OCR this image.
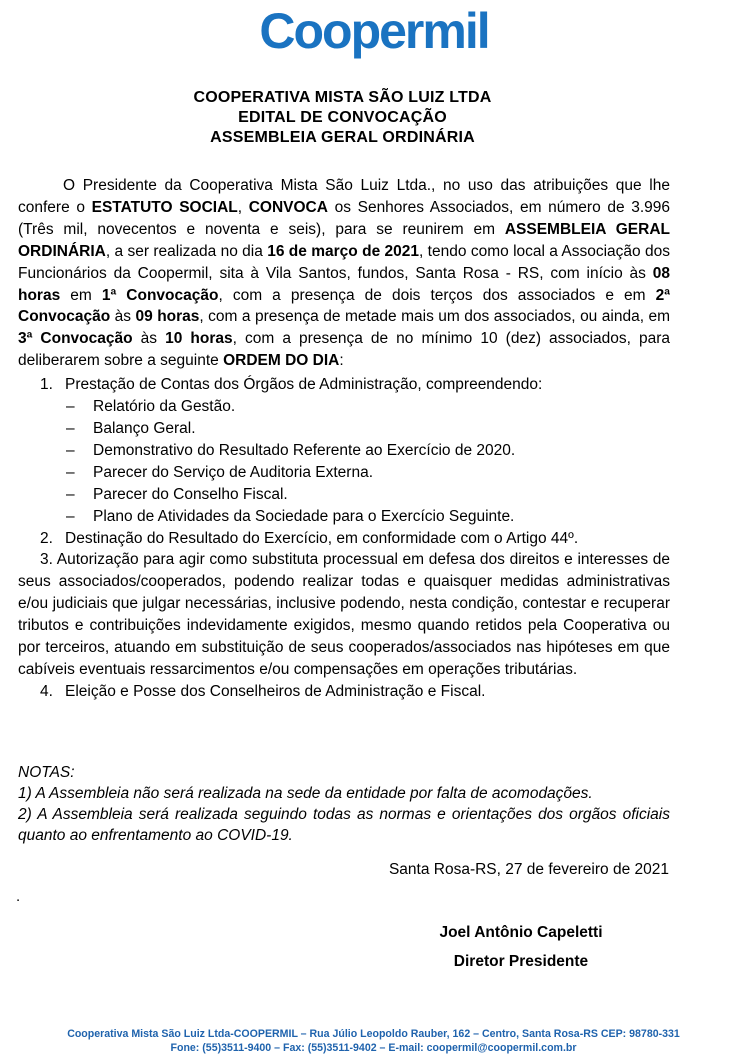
Coopermil
COOPERATIVA MISTA SÃO LUIZ LTDA
EDITAL DE CONVOCAÇÃO
ASSEMBLEIA GERAL ORDINÁRIA

O Presidente da Cooperativa Mista São Luiz Ltda., no uso das atribuições que lhe confere o ESTATUTO SOCIAL, CONVOCA os Senhores Associados, em número de 3.996 (Três mil, novecentos e noventa e seis), para se reunirem em ASSEMBLEIA GERAL ORDINÁRIA, a ser realizada no dia 16 de março de 2021, tendo como local a Associação dos Funcionários da Coopermil, sita à Vila Santos, fundos, Santa Rosa - RS, com início às 08 horas em 1ª Convocação, com a presença de dois terços dos associados e em 2ª Convocação às 09 horas, com a presença de metade mais um dos associados, ou ainda, em 3ª Convocação às 10 horas, com a presença de no mínimo 10 (dez) associados, para deliberarem sobre a seguinte ORDEM DO DIA:

1. Prestação de Contas dos Órgãos de Administração, compreendendo:
– Relatório da Gestão.
– Balanço Geral.
– Demonstrativo do Resultado Referente ao Exercício de 2020.
– Parecer do Serviço de Auditoria Externa.
– Parecer do Conselho Fiscal.
– Plano de Atividades da Sociedade para o Exercício Seguinte.
2. Destinação do Resultado do Exercício, em conformidade com o Artigo 44º.
3. Autorização para agir como substituta processual em defesa dos direitos e interesses de seus associados/cooperados, podendo realizar todas e quaisquer medidas administrativas e/ou judiciais que julgar necessárias, inclusive podendo, nesta condição, contestar e recuperar tributos e contribuições indevidamente exigidos, mesmo quando retidos pela Cooperativa ou por terceiros, atuando em substituição de seus cooperados/associados nas hipóteses em que cabíveis eventuais ressarcimentos e/ou compensações em operações tributárias.
4. Eleição e Posse dos Conselheiros de Administração e Fiscal.
NOTAS:
1) A Assembleia não será realizada na sede da entidade por falta de acomodações.
2) A Assembleia será realizada seguindo todas as normas e orientações dos orgãos oficiais quanto ao enfrentamento ao COVID-19.
Santa Rosa-RS, 27 de fevereiro de 2021
.
Joel Antônio Capeletti
Diretor Presidente
Cooperativa Mista São Luiz Ltda-COOPERMIL – Rua Júlio Leopoldo Rauber, 162 – Centro, Santa Rosa-RS CEP: 98780-331
Fone: (55)3511-9400 – Fax: (55)3511-9402 – E-mail: coopermil@coopermil.com.br
